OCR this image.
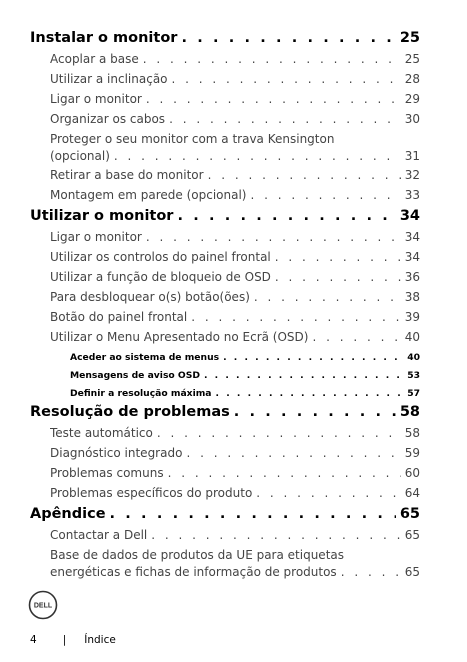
Instalar o monitor . . .	25
Acoplar a base . . .	25
Utilizar a inclinação . . .	28
Ligar o monitor . . .	29
Organizar os cabos . . .	30
Proteger o seu monitor com a trava Kensington
(opcional) . . .	31
Retirar a base do monitor . . .	32
Montagem em parede (opcional) . . .	33
Utilizar o monitor . . .	34
Ligar o monitor . . .	34
Utilizar os controlos do painel frontal . . .	34
Utilizar a função de bloqueio de OSD . . .	36
Para desbloquear o(s) botão(ões) . . .	38
Botão do painel frontal . . .	39
Utilizar o Menu Apresentado no Ecrã (OSD) . . .	40
Aceder ao sistema de menus . . .	40
Mensagens de aviso OSD . . .	53
Definir a resolução máxima . . .	57
Resolução de problemas . . .	58
Teste automático . . .	58
Diagnóstico integrado . . .	59
Problemas comuns . . .	60
Problemas específicos do produto . . .	64
Apêndice . . .	65
Contactar a Dell . . .	65
Base de dados de produtos da UE para etiquetas
energéticas e fichas de informação de produtos . . .	65
DELL
4 | Índice
